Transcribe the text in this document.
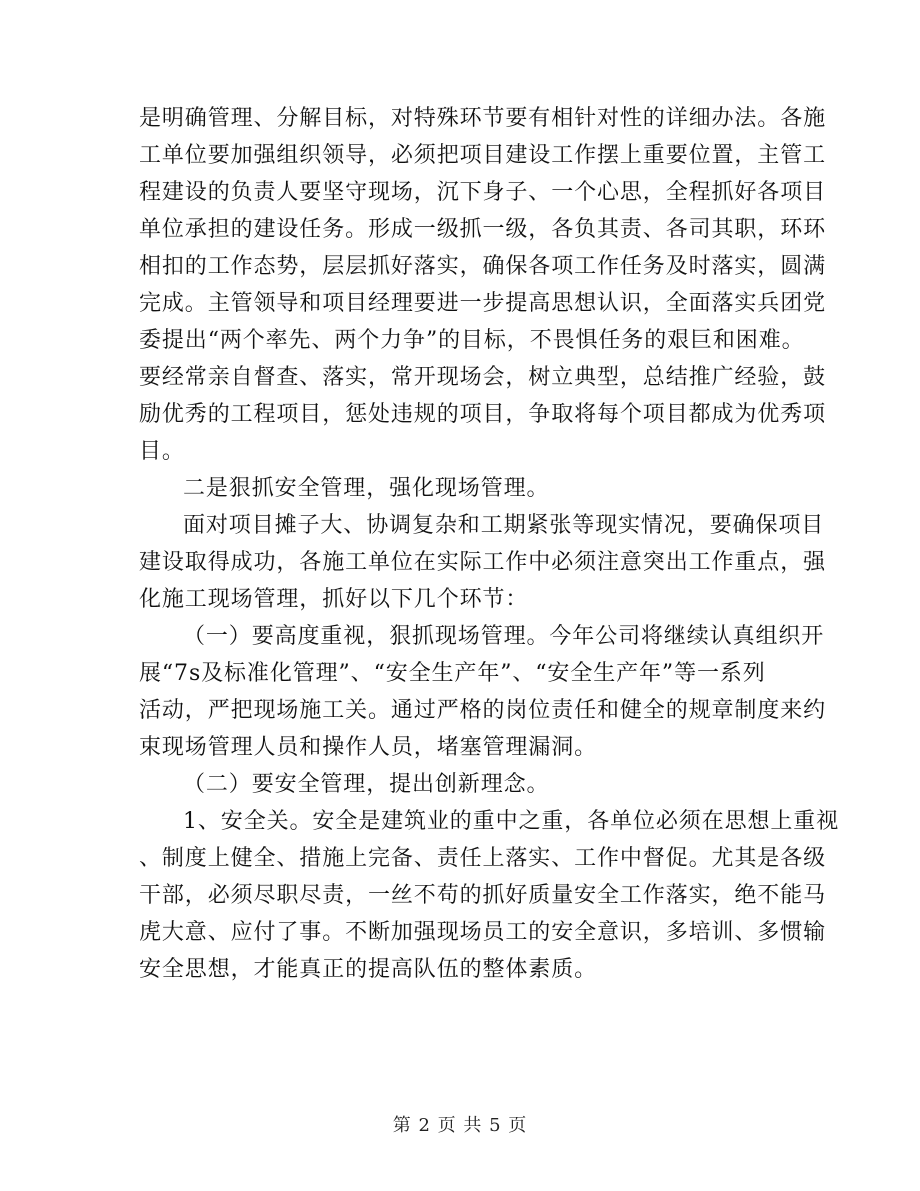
是明确管理、分解目标，对特殊环节要有相针对性的详细办法。各施
工单位要加强组织领导，必须把项目建设工作摆上重要位置，主管工
程建设的负责人要坚守现场，沉下身子、一个心思，全程抓好各项目
单位承担的建设任务。形成一级抓一级，各负其责、各司其职，环环
相扣的工作态势，层层抓好落实，确保各项工作任务及时落实，圆满
完成。主管领导和项目经理要进一步提高思想认识，全面落实兵团党
委提出“两个率先、两个力争”的目标，不畏惧任务的艰巨和困难。
要经常亲自督查、落实，常开现场会，树立典型，总结推广经验，鼓
励优秀的工程项目，惩处违规的项目，争取将每个项目都成为优秀项
目。
二是狠抓安全管理，强化现场管理。
面对项目摊子大、协调复杂和工期紧张等现实情况，要确保项目
建设取得成功，各施工单位在实际工作中必须注意突出工作重点，强
化施工现场管理，抓好以下几个环节：
（一）要高度重视，狠抓现场管理。今年公司将继续认真组织开
展“7s及标准化管理”、“安全生产年”、“安全生产年”等一系列
活动，严把现场施工关。通过严格的岗位责任和健全的规章制度来约
束现场管理人员和操作人员，堵塞管理漏洞。
（二）要安全管理，提出创新理念。
1、安全关。安全是建筑业的重中之重，各单位必须在思想上重视
、制度上健全、措施上完备、责任上落实、工作中督促。尤其是各级
干部，必须尽职尽责，一丝不苟的抓好质量安全工作落实，绝不能马
虎大意、应付了事。不断加强现场员工的安全意识，多培训、多惯输
安全思想，才能真正的提高队伍的整体素质。
第 2 页 共 5 页
